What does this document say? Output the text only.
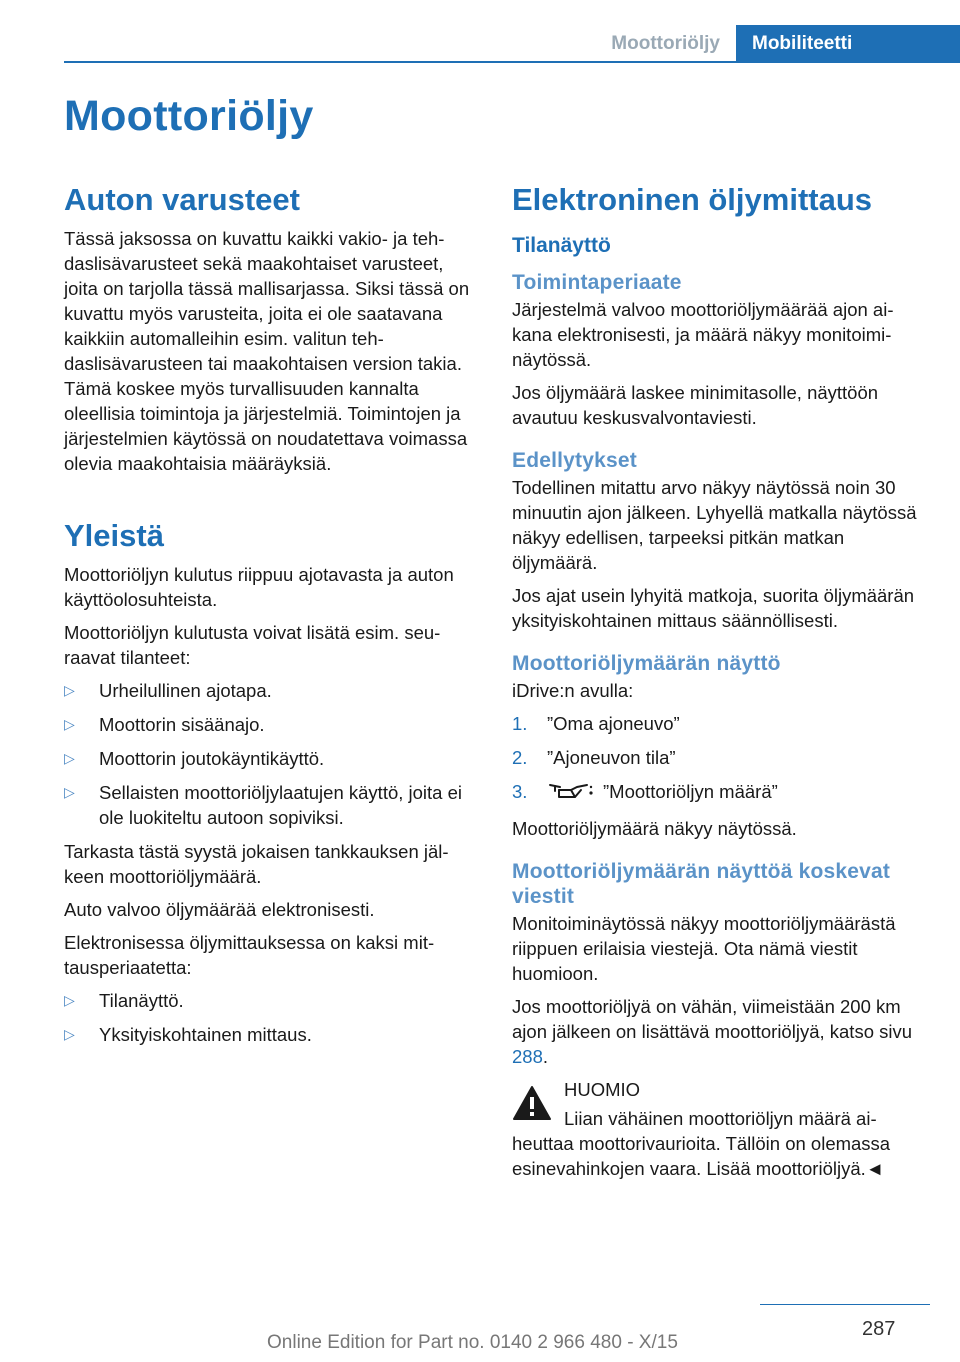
Moottoriöljy	Mobiliteetti
Moottoriöljy
Auton varusteet

Tässä jaksossa on kuvattu kaikki vakio- ja tehdaslisävarusteet sekä maakohtaiset varusteet, joita on tarjolla tässä mallisarjassa. Siksi tässä on kuvattu myös varusteita, joita ei ole saatavana kaikkiin automalleihin esim. valitun tehdaslisävarusteen tai maakohtaisen version takia. Tämä koskee myös turvallisuuden kannalta oleellisia toimintoja ja järjestelmiä. Toimintojen ja järjestelmien käytössä on noudatettava voimassa olevia maakohtaisia määräyksiä.

Yleistä

Moottoriöljyn kulutus riippuu ajotavasta ja auton käyttöolosuhteista.

Moottoriöljyn kulutusta voivat lisätä esim. seuraavat tilanteet:

▷ Urheilullinen ajotapa.
▷ Moottorin sisäänajo.
▷ Moottorin joutokäyntikäyttö.
▷ Sellaisten moottoriöljylaatujen käyttö, joita ei ole luokiteltu autoon sopiviksi.

Tarkasta tästä syystä jokaisen tankkauksen jälkeen moottoriöljymäärä.

Auto valvoo öljymäärää elektronisesti.

Elektronisessa öljymittauksessa on kaksi mittausperiaatetta:

▷ Tilanäyttö.
▷ Yksityiskohtainen mittaus.
Elektroninen öljymittaus
Tilanäyttö
Toimintaperiaate

Järjestelmä valvoo moottoriöljymäärää ajon aikana elektronisesti, ja määrä näkyy monitoiminäytössä.

Jos öljymäärä laskee minimitasolle, näyttöön avautuu keskusvalvontaviesti.

Edellytykset

Todellinen mitattu arvo näkyy näytössä noin 30 minuutin ajon jälkeen. Lyhyellä matkalla näytössä näkyy edellisen, tarpeeksi pitkän matkan öljymäärä.

Jos ajat usein lyhyitä matkoja, suorita öljymäärän yksityiskohtainen mittaus säännöllisesti.

Moottoriöljymäärän näyttö

iDrive:n avulla:

1. ”Oma ajoneuvo”
2. ”Ajoneuvon tila”
3.	”Moottoriöljyn määrä”

Moottoriöljymäärä näkyy näytössä.

Moottoriöljymäärän näyttöä koskevat viestit

Monitoiminäytössä näkyy moottoriöljymäärästä riippuen erilaisia viestejä. Ota nämä viestit huomioon.

Jos moottoriöljyä on vähän, viimeistään 200 km ajon jälkeen on lisättävä moottoriöljyä, katso sivu 288.

HUOMIO

Liian vähäinen moottoriöljyn määrä aiheuttaa moottorivaurioita. Tällöin on olemassa esinevahinkojen vaara. Lisää moottoriöljyä.◄

287
Online Edition for Part no. 0140 2 966 480 - X/15
